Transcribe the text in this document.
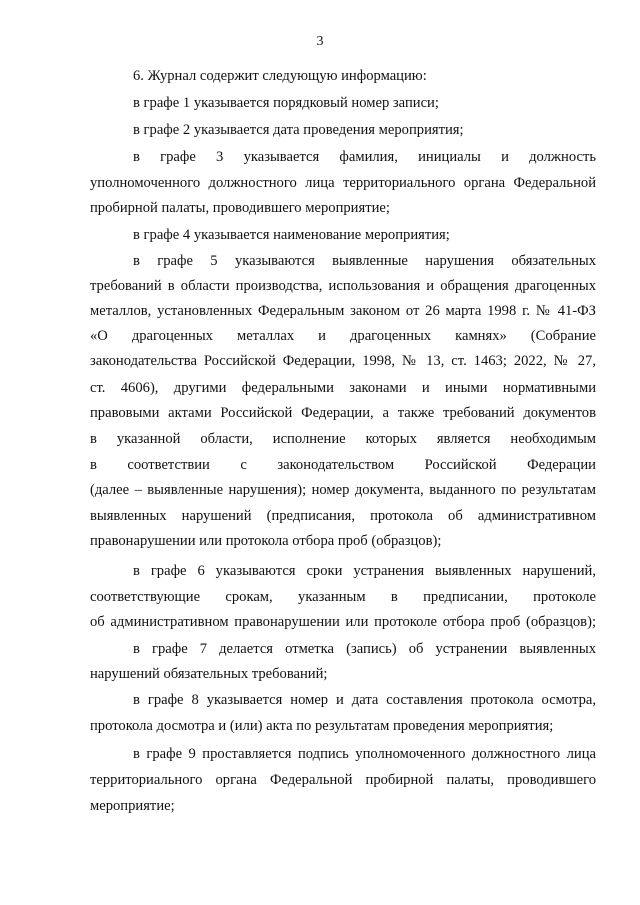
3
6. Журнал содержит следующую информацию:
в графе 1 указывается порядковый номер записи;
в графе 2 указывается дата проведения мероприятия;
в графе 3 указывается фамилия, инициалы и должность
уполномоченного должностного лица территориального органа Федеральной
пробирной палаты, проводившего мероприятие;
в графе 4 указывается наименование мероприятия;
в графе 5 указываются выявленные нарушения обязательных
требований в области производства, использования и обращения драгоценных
металлов, установленных Федеральным законом от 26 марта 1998 г. № 41-ФЗ
«О драгоценных металлах и драгоценных камнях» (Собрание
законодательства Российской Федерации, 1998, № 13, ст. 1463; 2022, № 27,
ст. 4606), другими федеральными законами и иными нормативными
правовыми актами Российской Федерации, а также требований документов
в указанной области, исполнение которых является необходимым
в соответствии с законодательством Российской Федерации
(далее – выявленные нарушения); номер документа, выданного по результатам
выявленных нарушений (предписания, протокола об административном
правонарушении или протокола отбора проб (образцов);
в графе 6 указываются сроки устранения выявленных нарушений,
соответствующие срокам, указанным в предписании, протоколе
об административном правонарушении или протоколе отбора проб (образцов);
в графе 7 делается отметка (запись) об устранении выявленных
нарушений обязательных требований;
в графе 8 указывается номер и дата составления протокола осмотра,
протокола досмотра и (или) акта по результатам проведения мероприятия;
в графе 9 проставляется подпись уполномоченного должностного лица
территориального органа Федеральной пробирной палаты, проводившего
мероприятие;
